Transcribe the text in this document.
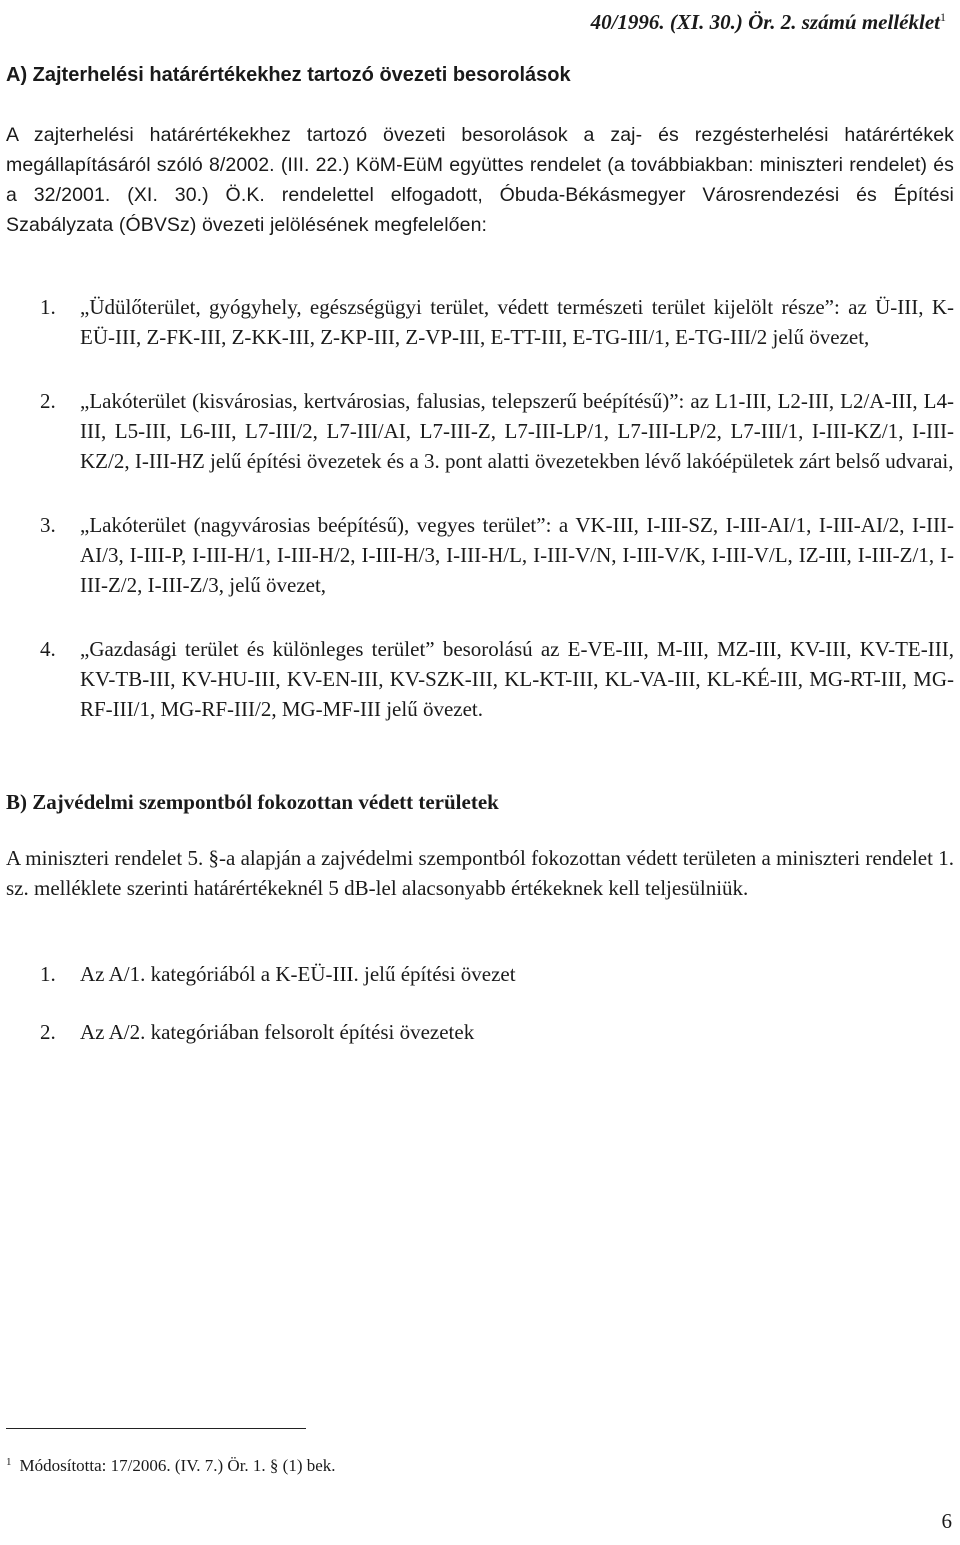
40/1996. (XI. 30.) Ör. 2. számú melléklet$^1$
A) Zajterhelési határértékekhez tartozó övezeti besorolások

A zajterhelési határértékekhez tartozó övezeti besorolások a zaj- és rezgésterhelési határértékek megállapításáról szóló 8/2002. (III. 22.) KöM-EüM együttes rendelet (a továbbiakban: miniszteri rendelet) és a 32/2001. (XI. 30.) Ö.K. rendelettel elfogadott, Óbuda-Békásmegyer Városrendezési és Építési Szabályzata (ÓBVSz) övezeti jelölésének megfelelően:

1. „Üdülőterület, gyógyhely, egészségügyi terület, védett természeti terület kijelölt része”: az Ü-III, K-EÜ-III, Z-FK-III, Z-KK-III, Z-KP-III, Z-VP-III, E-TT-III, E-TG-III/1, E-TG-III/2 jelű övezet,
2. „Lakóterület (kisvárosias, kertvárosias, falusias, telepszerű beépítésű)”: az L1-III, L2-III, L2/A-III, L4-III, L5-III, L6-III, L7-III/2, L7-III/AI, L7-III-Z, L7-III-LP/1, L7-III-LP/2, L7-III/1, I-III-KZ/1, I-III-KZ/2, I-III-HZ jelű építési övezetek és a 3. pont alatti övezetekben lévő lakóépületek zárt belső udvarai,
3. „Lakóterület (nagyvárosias beépítésű), vegyes terület”: a VK-III, I-III-SZ, I-III-AI/1, I-III-AI/2, I-III-AI/3, I-III-P, I-III-H/1, I-III-H/2, I-III-H/3, I-III-H/L, I-III-V/N, I-III-V/K, I-III-V/L, IZ-III, I-III-Z/1, I-III-Z/2, I-III-Z/3, jelű övezet,
4. „Gazdasági terület és különleges terület” besorolású az E-VE-III, M-III, MZ-III, KV-III, KV-TE-III, KV-TB-III, KV-HU-III, KV-EN-III, KV-SZK-III, KL-KT-III, KL-VA-III, KL-KÉ-III, MG-RT-III, MG-RF-III/1, MG-RF-III/2, MG-MF-III jelű övezet.
B) Zajvédelmi szempontból fokozottan védett területek

A miniszteri rendelet 5. §-a alapján a zajvédelmi szempontból fokozottan védett területen a miniszteri rendelet 1. sz. melléklete szerinti határértékeknél 5 dB-lel alacsonyabb értékeknek kell teljesülniük.

1. Az A/1. kategóriából a K-EÜ-III. jelű építési övezet
2. Az A/2. kategóriában felsorolt építési övezetek
$^1$ Módosította: 17/2006. (IV. 7.) Ör. 1. § (1) bek.
6
